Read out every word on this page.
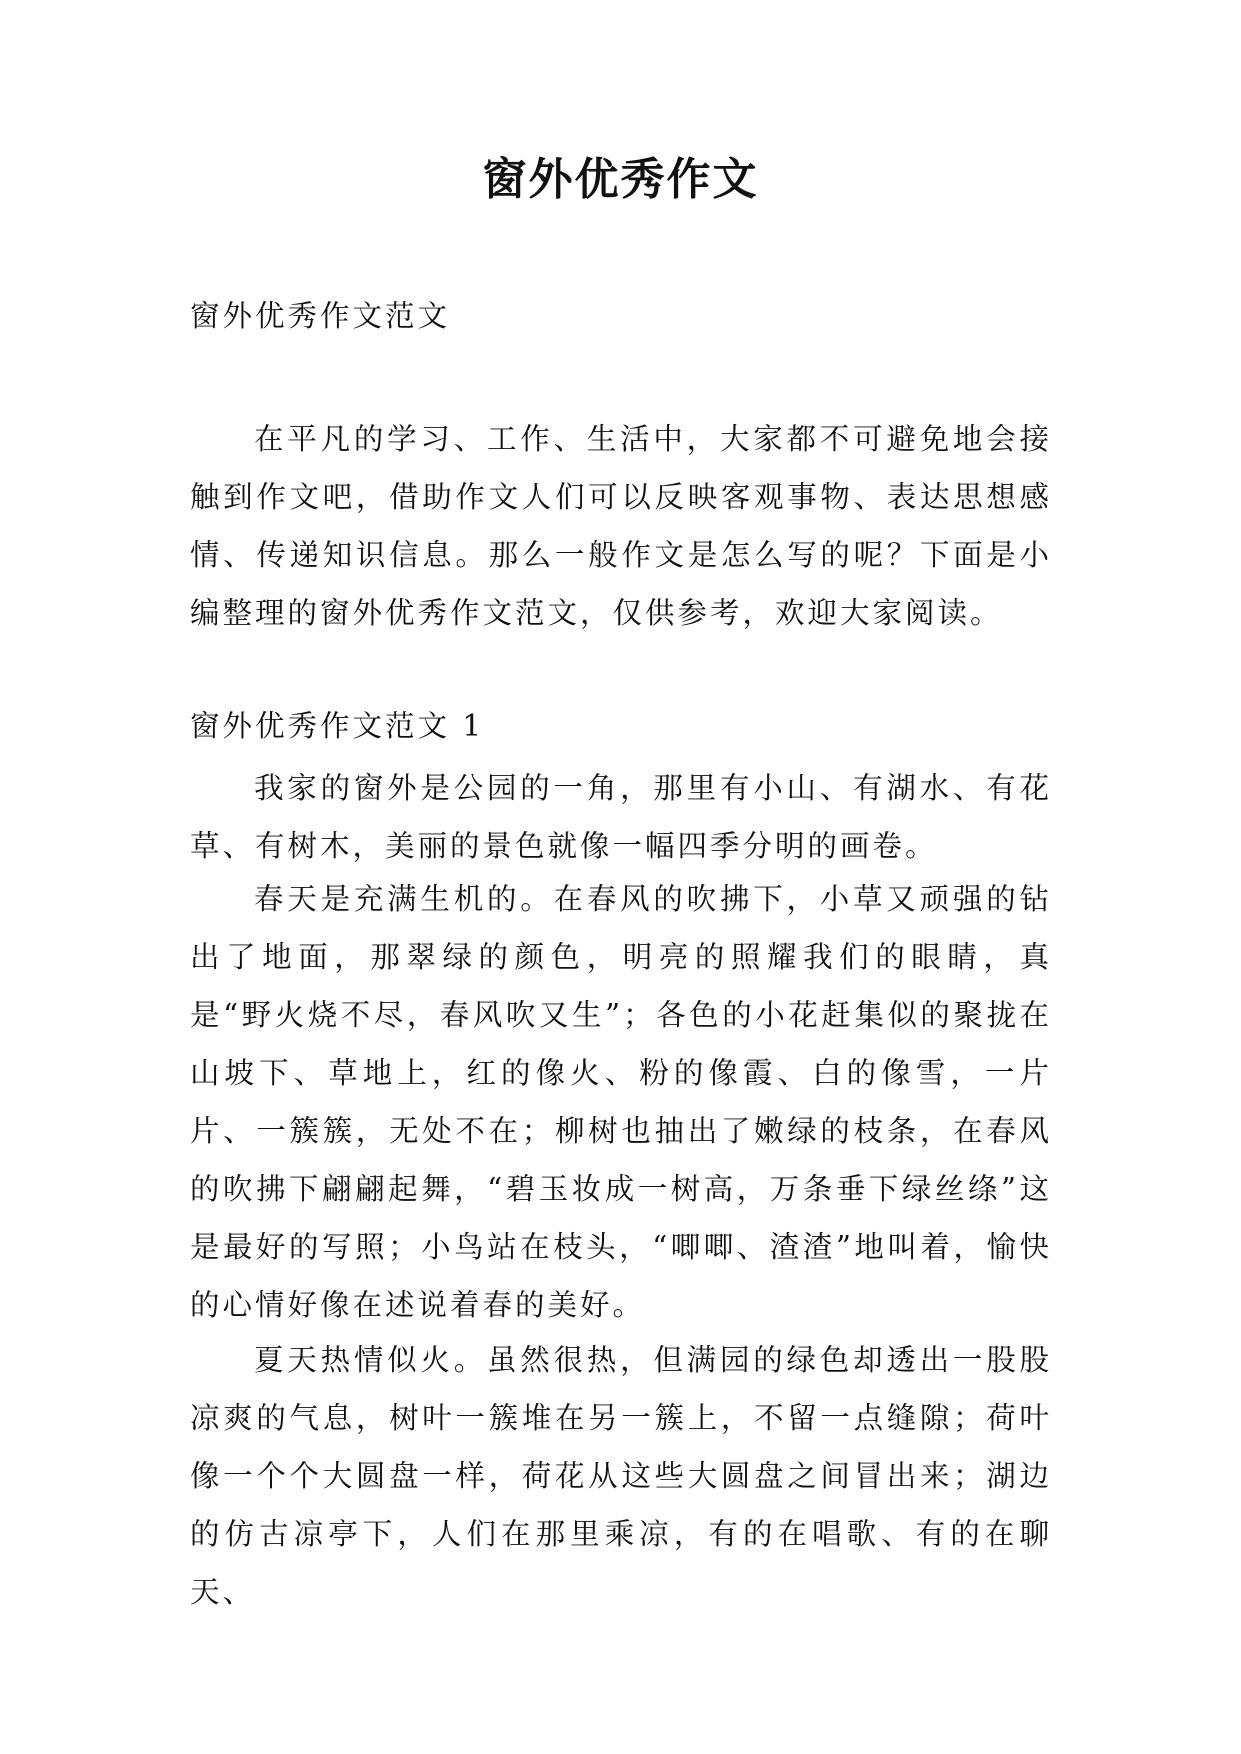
窗外优秀作文

窗外优秀作文范文

在平凡的学习、工作、生活中，大家都不可避免地会接触到作文吧，借助作文人们可以反映客观事物、表达思想感情、传递知识信息。那么一般作文是怎么写的呢？下面是小编整理的窗外优秀作文范文，仅供参考，欢迎大家阅读。

窗外优秀作文范文 1

我家的窗外是公园的一角，那里有小山、有湖水、有花草、有树木，美丽的景色就像一幅四季分明的画卷。

春天是充满生机的。在春风的吹拂下，小草又顽强的钻出了地面，那翠绿的颜色，明亮的照耀我们的眼睛，真是“野火烧不尽，春风吹又生”；各色的小花赶集似的聚拢在山坡下、草地上，红的像火、粉的像霞、白的像雪，一片片、一簇簇，无处不在；柳树也抽出了嫩绿的枝条，在春风的吹拂下翩翩起舞，“碧玉妆成一树高，万条垂下绿丝绦”这是最好的写照；小鸟站在枝头，“唧唧、渣渣”地叫着，愉快的心情好像在述说着春的美好。

夏天热情似火。虽然很热，但满园的绿色却透出一股股凉爽的气息，树叶一簇堆在另一簇上，不留一点缝隙；荷叶像一个个大圆盘一样，荷花从这些大圆盘之间冒出来；湖边的仿古凉亭下，人们在那里乘凉，有的在唱歌、有的在聊天、
